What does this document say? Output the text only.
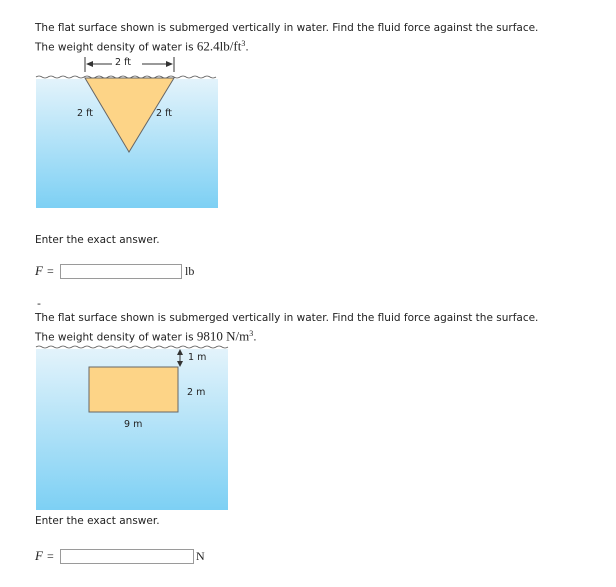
The flat surface shown is submerged vertically in water. Find the fluid force against the surface.
The weight density of water is $62.4lb/ft^3$.
2 ft
2 ft	2 ft
Enter the exact answer.
F =	lb
-
The flat surface shown is submerged vertically in water. Find the fluid force against the surface.
The weight density of water is 9810 $N/m^3$.
1 m
2 m
9 m
Enter the exact answer.
F =	N
